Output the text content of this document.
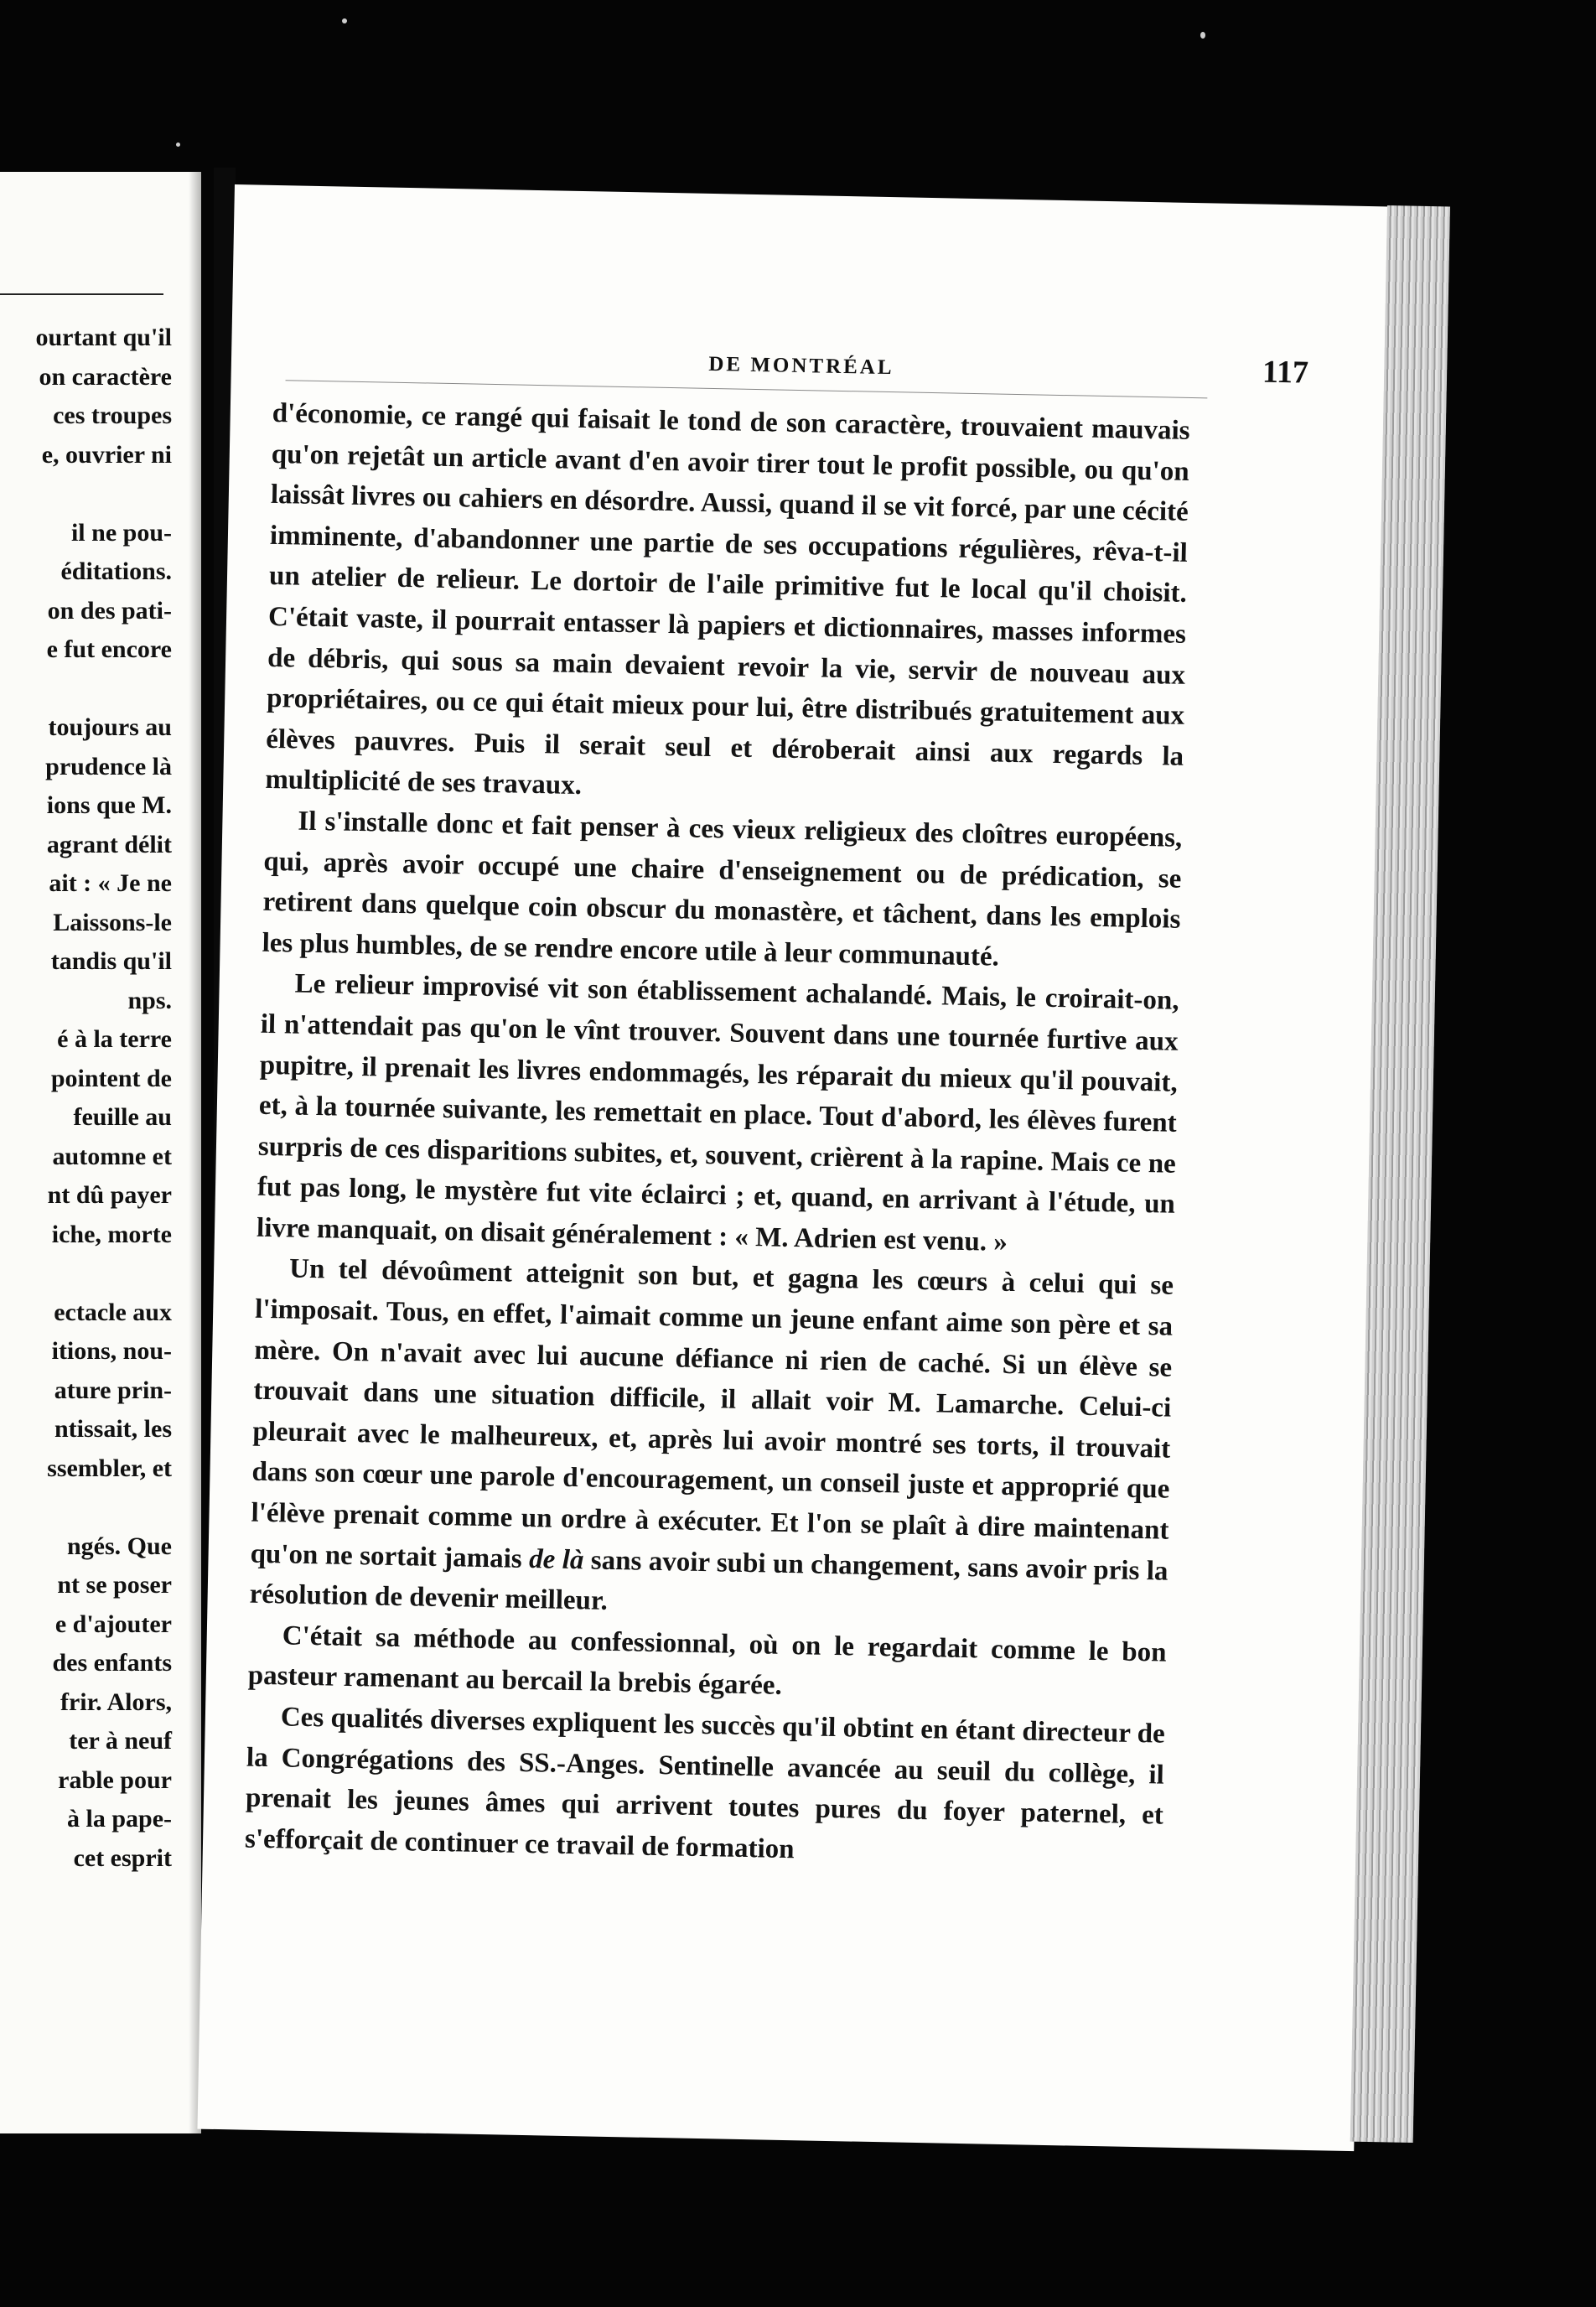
ourtant qu'il
on caractère
ces troupes
e, ouvrier ni
il ne pou-
éditations.
on des pati-
e fut encore
toujours au
prudence là
ions que M.
agrant délit
ait : « Je ne
Laissons-le
tandis qu'il
nps.
é à la terre
pointent de
feuille au
automne et
nt dû payer
iche, morte
ectacle aux
itions, nou-
ature prin-
ntissait, les
ssembler, et
ngés. Que
nt se poser
e d'ajouter
des enfants
frir. Alors,
ter à neuf
rable pour
à la pape-
cet esprit
DE MONTRÉAL	117

d'économie, ce rangé qui faisait le tond de son caractère, trouvaient mauvais qu'on rejetât un article avant d'en avoir tirer tout le profit possible, ou qu'on laissât livres ou cahiers en désordre. Aussi, quand il se vit forcé, par une cécité imminente, d'abandonner une partie de ses occupations régulières, rêva-t-il un atelier de relieur. Le dortoir de l'aile primitive fut le local qu'il choisit. C'était vaste, il pourrait entasser là papiers et dictionnaires, masses informes de débris, qui sous sa main devaient revoir la vie, servir de nouveau aux propriétaires, ou ce qui était mieux pour lui, être distribués gratuitement aux élèves pauvres. Puis il serait seul et déroberait ainsi aux regards la multiplicité de ses travaux.

Il s'installe donc et fait penser à ces vieux religieux des cloîtres européens, qui, après avoir occupé une chaire d'enseignement ou de prédication, se retirent dans quelque coin obscur du monastère, et tâchent, dans les emplois les plus humbles, de se rendre encore utile à leur communauté.

Le relieur improvisé vit son établissement achalandé. Mais, le croirait-on, il n'attendait pas qu'on le vînt trouver. Souvent dans une tournée furtive aux pupitre, il prenait les livres endommagés, les réparait du mieux qu'il pouvait, et, à la tournée suivante, les remettait en place. Tout d'abord, les élèves furent surpris de ces disparitions subites, et, souvent, crièrent à la rapine. Mais ce ne fut pas long, le mystère fut vite éclairci ; et, quand, en arrivant à l'étude, un livre manquait, on disait généralement : « M. Adrien est venu. »

Un tel dévoûment atteignit son but, et gagna les cœurs à celui qui se l'imposait. Tous, en effet, l'aimait comme un jeune enfant aime son père et sa mère. On n'avait avec lui aucune défiance ni rien de caché. Si un élève se trouvait dans une situation difficile, il allait voir M. Lamarche. Celui-ci pleurait avec le malheureux, et, après lui avoir montré ses torts, il trouvait dans son cœur une parole d'encouragement, un conseil juste et approprié que l'élève prenait comme un ordre à exécuter. Et l'on se plaît à dire maintenant qu'on ne sortait jamais de là sans avoir subi un changement, sans avoir pris la résolution de devenir meilleur.

C'était sa méthode au confessionnal, où on le regardait comme le bon pasteur ramenant au bercail la brebis égarée.

Ces qualités diverses expliquent les succès qu'il obtint en étant directeur de la Congrégations des SS.-Anges. Sentinelle avancée au seuil du collège, il prenait les jeunes âmes qui arrivent toutes pures du foyer paternel, et s'efforçait de continuer ce travail de formation
